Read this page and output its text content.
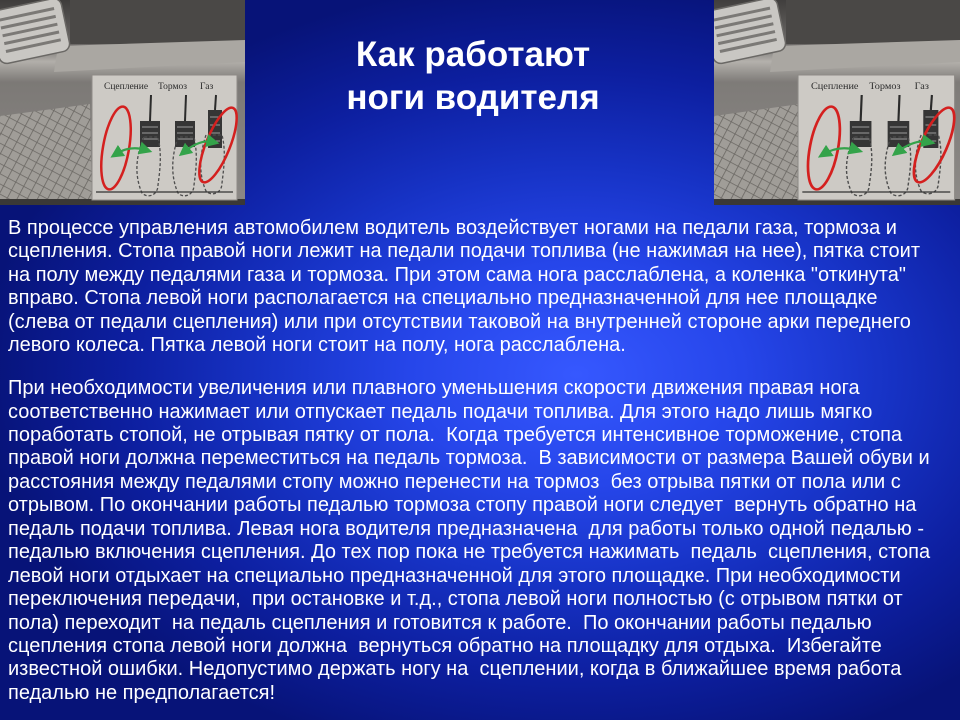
Сцепление Тормоз Газ	Сцепление Тормоз Газ
Как работают
ноги водителя
В процессе управления автомобилем водитель воздействует ногами на педали газа, тормоза и
сцепления. Стопа правой ноги лежит на педали подачи топлива (не нажимая на нее), пятка стоит
на полу между педалями газа и тормоза. При этом сама нога расслаблена, а коленка "откинута"
вправо. Стопа левой ноги располагается на специально предназначенной для нее площадке
(слева от педали сцепления) или при отсутствии таковой на внутренней стороне арки переднего
левого колеса. Пятка левой ноги стоит на полу, нога расслаблена.
При необходимости увеличения или плавного уменьшения скорости движения правая нога
соответственно нажимает или отпускает педаль подачи топлива. Для этого надо лишь мягко
поработать стопой, не отрывая пятку от пола.  Когда требуется интенсивное торможение, стопа
правой ноги должна переместиться на педаль тормоза.  В зависимости от размера Вашей обуви и
расстояния между педалями стопу можно перенести на тормоз  без отрыва пятки от пола или с
отрывом. По окончании работы педалью тормоза стопу правой ноги следует  вернуть обратно на
педаль подачи топлива. Левая нога водителя предназначена  для работы только одной педалью -
педалью включения сцепления. До тех пор пока не требуется нажимать  педаль  сцепления, стопа
левой ноги отдыхает на специально предназначенной для этого площадке. При необходимости
переключения передачи,  при остановке и т.д., стопа левой ноги полностью (с отрывом пятки от
пола) переходит  на педаль сцепления и готовится к работе.  По окончании работы педалью
сцепления стопа левой ноги должна  вернуться обратно на площадку для отдыха.  Избегайте
известной ошибки. Недопустимо держать ногу на  сцеплении, когда в ближайшее время работа
педалью не предполагается!
